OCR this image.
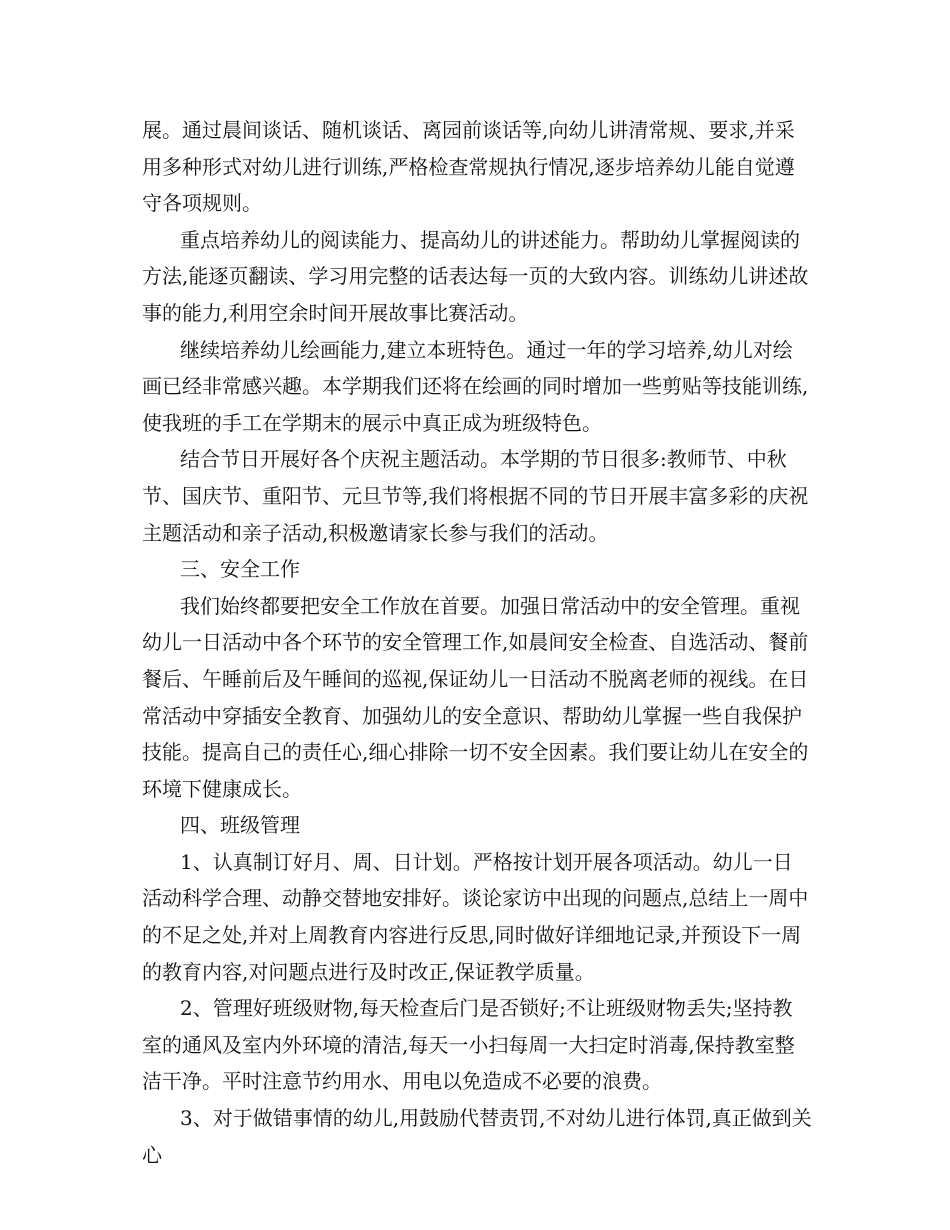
展。通过晨间谈话、随机谈话、离园前谈话等,向幼儿讲清常规、要求,并采用多种形式对幼儿进行训练,严格检查常规执行情况,逐步培养幼儿能自觉遵守各项规则。

重点培养幼儿的阅读能力、提高幼儿的讲述能力。帮助幼儿掌握阅读的方法,能逐页翻读、学习用完整的话表达每一页的大致内容。训练幼儿讲述故事的能力,利用空余时间开展故事比赛活动。

继续培养幼儿绘画能力,建立本班特色。通过一年的学习培养,幼儿对绘画已经非常感兴趣。本学期我们还将在绘画的同时增加一些剪贴等技能训练,使我班的手工在学期末的展示中真正成为班级特色。

结合节日开展好各个庆祝主题活动。本学期的节日很多:教师节、中秋节、国庆节、重阳节、元旦节等,我们将根据不同的节日开展丰富多彩的庆祝主题活动和亲子活动,积极邀请家长参与我们的活动。

三、安全工作

我们始终都要把安全工作放在首要。加强日常活动中的安全管理。重视幼儿一日活动中各个环节的安全管理工作,如晨间安全检查、自选活动、餐前餐后、午睡前后及午睡间的巡视,保证幼儿一日活动不脱离老师的视线。在日常活动中穿插安全教育、加强幼儿的安全意识、帮助幼儿掌握一些自我保护技能。提高自己的责任心,细心排除一切不安全因素。我们要让幼儿在安全的环境下健康成长。

四、班级管理

1、认真制订好月、周、日计划。严格按计划开展各项活动。幼儿一日活动科学合理、动静交替地安排好。谈论家访中出现的问题点,总结上一周中的不足之处,并对上周教育内容进行反思,同时做好详细地记录,并预设下一周的教育内容,对问题点进行及时改正,保证教学质量。

2、管理好班级财物,每天检查后门是否锁好;不让班级财物丢失;坚持教室的通风及室内外环境的清洁,每天一小扫每周一大扫定时消毒,保持教室整洁干净。平时注意节约用水、用电以免造成不必要的浪费。

3、对于做错事情的幼儿,用鼓励代替责罚,不对幼儿进行体罚,真正做到关心
